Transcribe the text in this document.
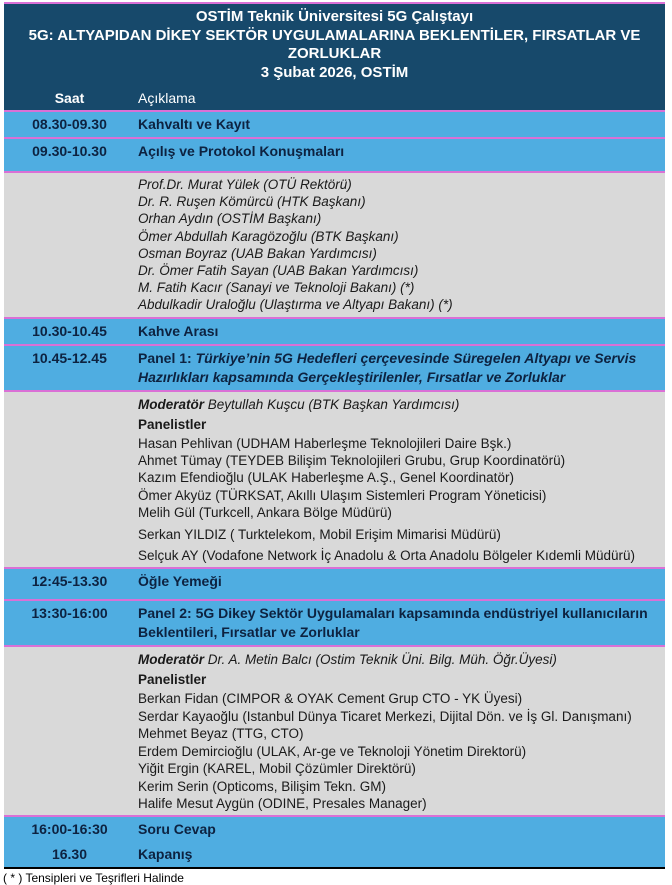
OSTİM Teknik Üniversitesi 5G Çalıştayı
5G: ALTYAPIDAN DİKEY SEKTÖR UYGULAMALARINA BEKLENTİLER, FIRSATLAR VE ZORLUKLAR
3 Şubat 2026, OSTİM
Saat	Açıklama
08.30-09.30	Kahvaltı ve Kayıt
09.30-10.30	Açılış ve Protokol Konuşmaları
Prof.Dr. Murat Yülek (OTÜ Rektörü)
Dr. R. Ruşen Kömürcü (HTK Başkanı)
Orhan Aydın (OSTİM Başkanı)
Ömer Abdullah Karagözoğlu (BTK Başkanı)
Osman Boyraz (UAB Bakan Yardımcısı)
Dr. Ömer Fatih Sayan (UAB Bakan Yardımcısı)
M. Fatih Kacır (Sanayi ve Teknoloji Bakanı) (*)
Abdulkadir Uraloğlu (Ulaştırma ve Altyapı Bakanı) (*)
10.30-10.45	Kahve Arası
10.45-12.45	Panel 1: Türkiye’nin 5G Hedefleri çerçevesinde Süregelen Altyapı ve Servis Hazırlıkları kapsamında Gerçekleştirilenler, Fırsatlar ve Zorluklar
Moderatör Beytullah Kuşcu (BTK Başkan Yardımcısı)
Panelistler
Hasan Pehlivan (UDHAM Haberleşme Teknolojileri Daire Bşk.)
Ahmet Tümay (TEYDEB Bilişim Teknolojileri Grubu, Grup Koordinatörü)
Kazım Efendioğlu (ULAK Haberleşme A.Ş., Genel Koordinatör)
Ömer Akyüz (TÜRKSAT, Akıllı Ulaşım Sistemleri Program Yöneticisi)
Melih Gül (Turkcell, Ankara Bölge Müdürü)
Serkan YILDIZ ( Turktelekom, Mobil Erişim Mimarisi Müdürü)
Selçuk AY (Vodafone Network İç Anadolu & Orta Anadolu Bölgeler Kıdemli Müdürü)
12:45-13.30	Öğle Yemeği
13:30-16:00	Panel 2: 5G Dikey Sektör Uygulamaları kapsamında endüstriyel kullanıcıların Beklentileri, Fırsatlar ve Zorluklar
Moderatör Dr. A. Metin Balcı (Ostim Teknik Üni. Bilg. Müh. Öğr.Üyesi)
Panelistler
Berkan Fidan (CIMPOR & OYAK Cement Grup CTO - YK Üyesi)
Serdar Kayaoğlu (Istanbul Dünya Ticaret Merkezi, Dijital Dön. ve İş Gl. Danışmanı)
Mehmet Beyaz (TTG, CTO)
Erdem Demircioğlu (ULAK, Ar-ge ve Teknoloji Yönetim Direktorü)
Yiğit Ergin (KAREL, Mobil Çözümler Direktörü)
Kerim Serin (Opticoms, Bilişim Tekn. GM)
Halife Mesut Aygün (ODINE, Presales Manager)
16:00-16:30	Soru Cevap
16.30	Kapanış
( * ) Tensipleri ve Teşrifleri Halinde
